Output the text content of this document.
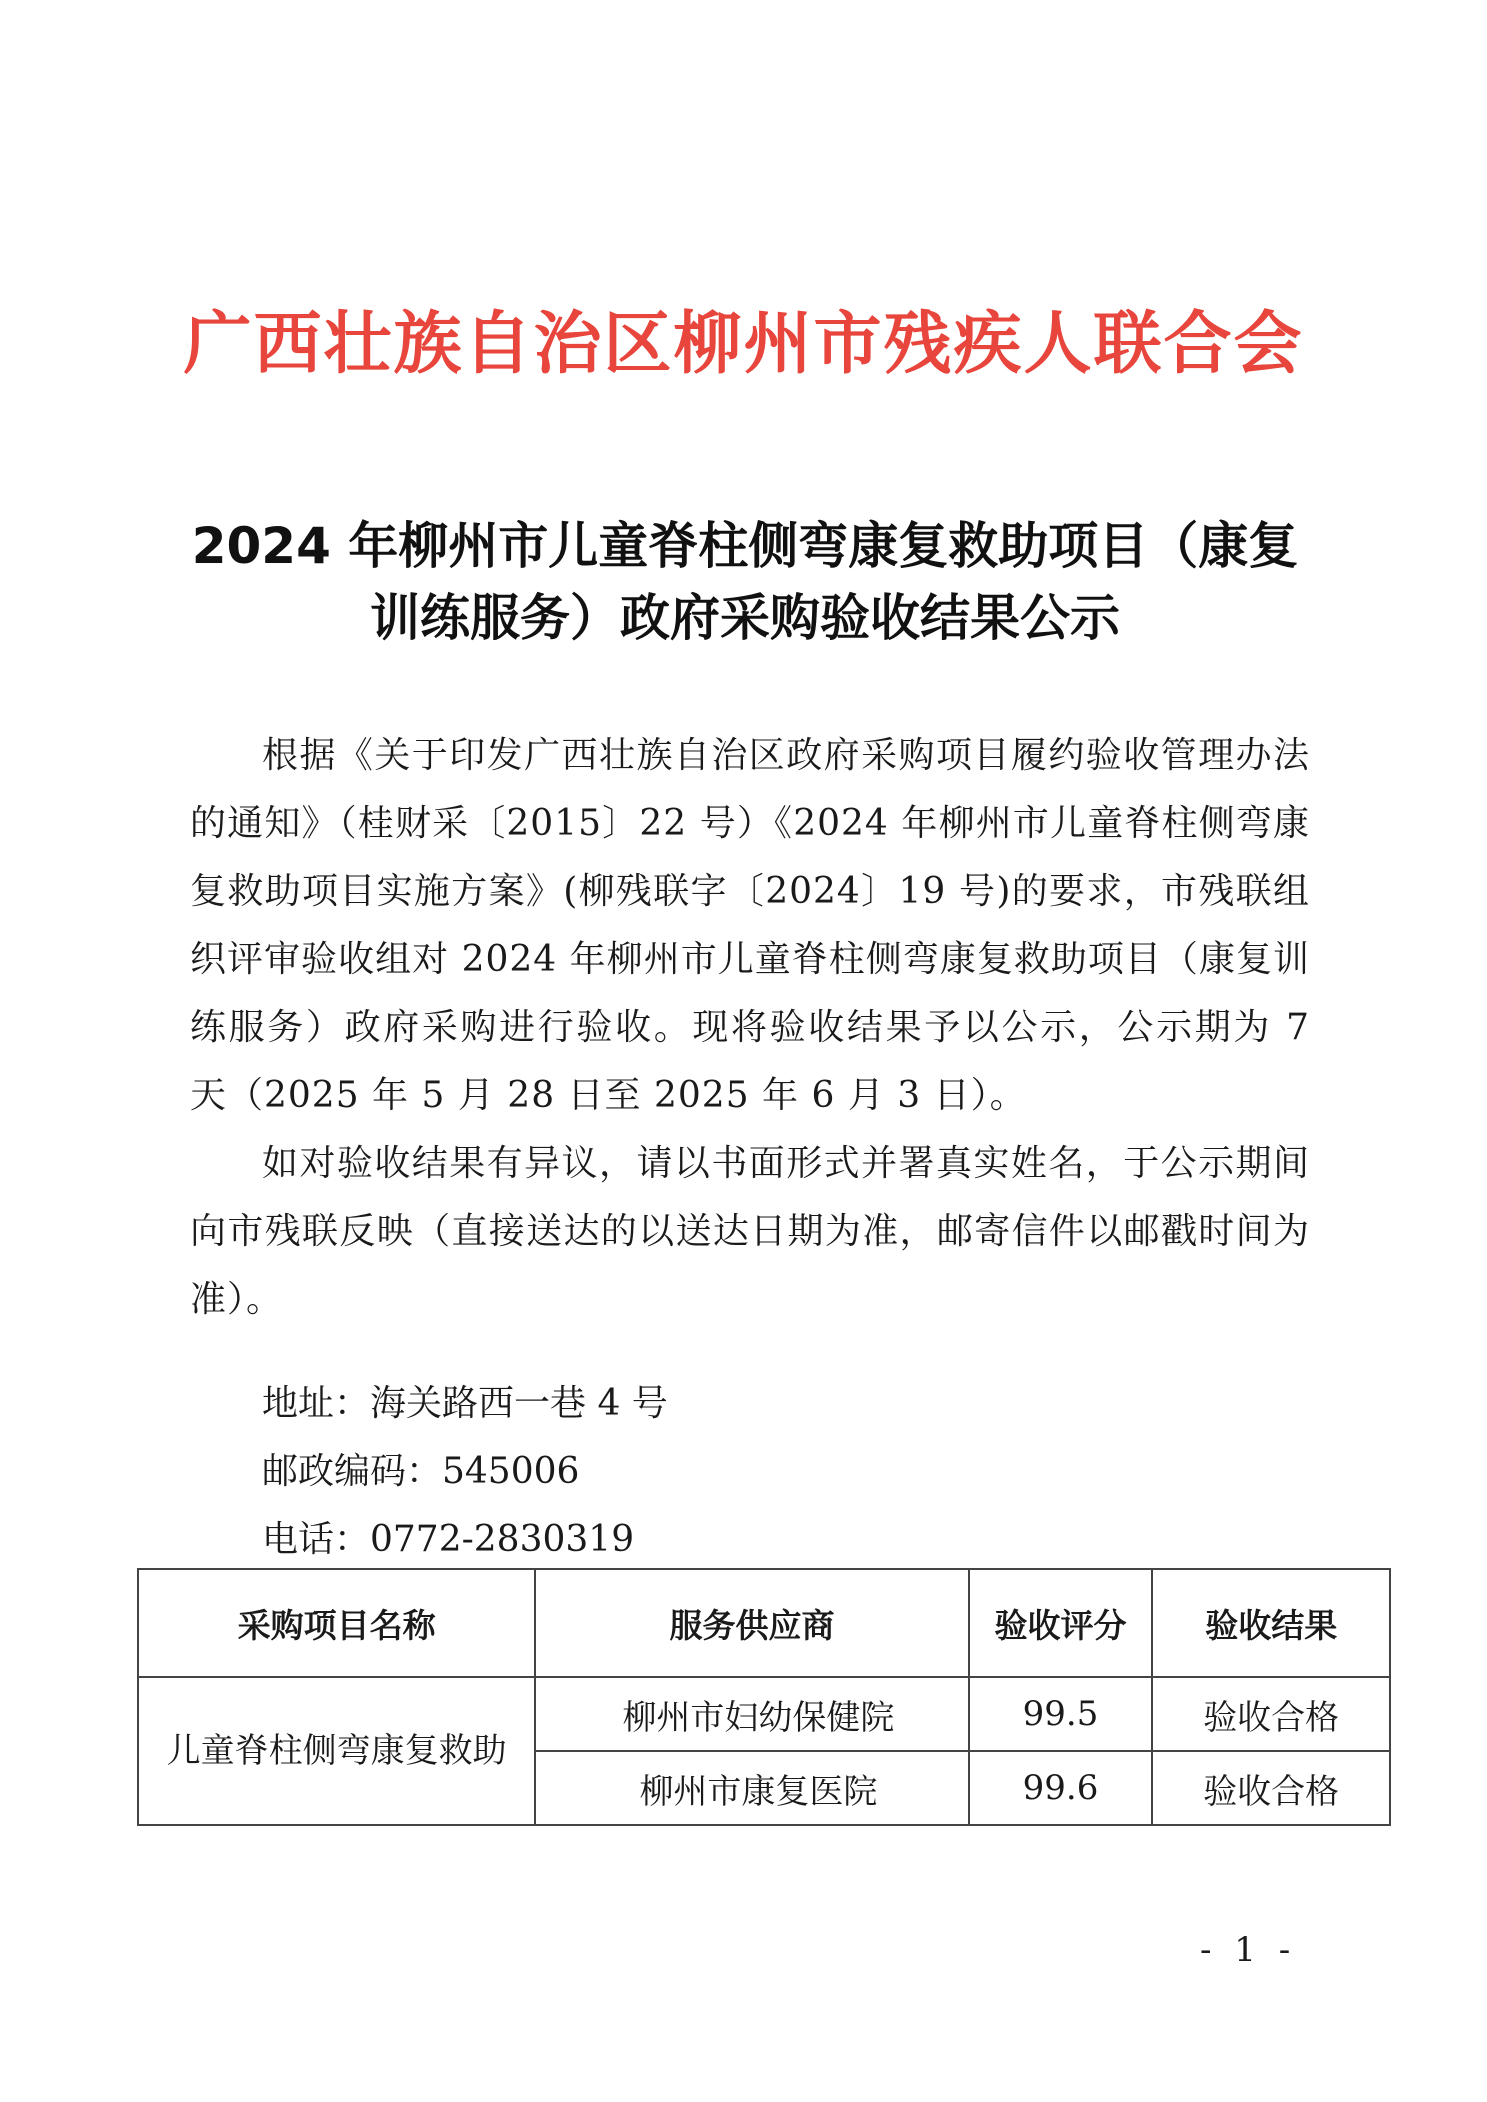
广西壮族自治区柳州市残疾人联合会
2024 年柳州市儿童脊柱侧弯康复救助项目（康复
训练服务）政府采购验收结果公示

根据《关于印发广西壮族自治区政府采购项目履约验收管理办法的通知》（桂财采〔2015〕22 号）《2024 年柳州市儿童脊柱侧弯康复救助项目实施方案》(柳残联字〔2024〕19 号)的要求，市残联组织评审验收组对 2024 年柳州市儿童脊柱侧弯康复救助项目（康复训练服务）政府采购进行验收。现将验收结果予以公示，公示期为 7 天（2025 年 5 月 28 日至 2025 年 6 月 3 日）。

如对验收结果有异议，请以书面形式并署真实姓名，于公示期间向市残联反映（直接送达的以送达日期为准，邮寄信件以邮戳时间为准）。

地址：海关路西一巷 4 号
邮政编码：545006
电话：0772-2830319
采购项目名称	服务供应商	验收评分	验收结果
儿童脊柱侧弯康复救助	柳州市妇幼保健院	99.5	验收合格
	柳州市康复医院	99.6	验收合格
- 1 -
